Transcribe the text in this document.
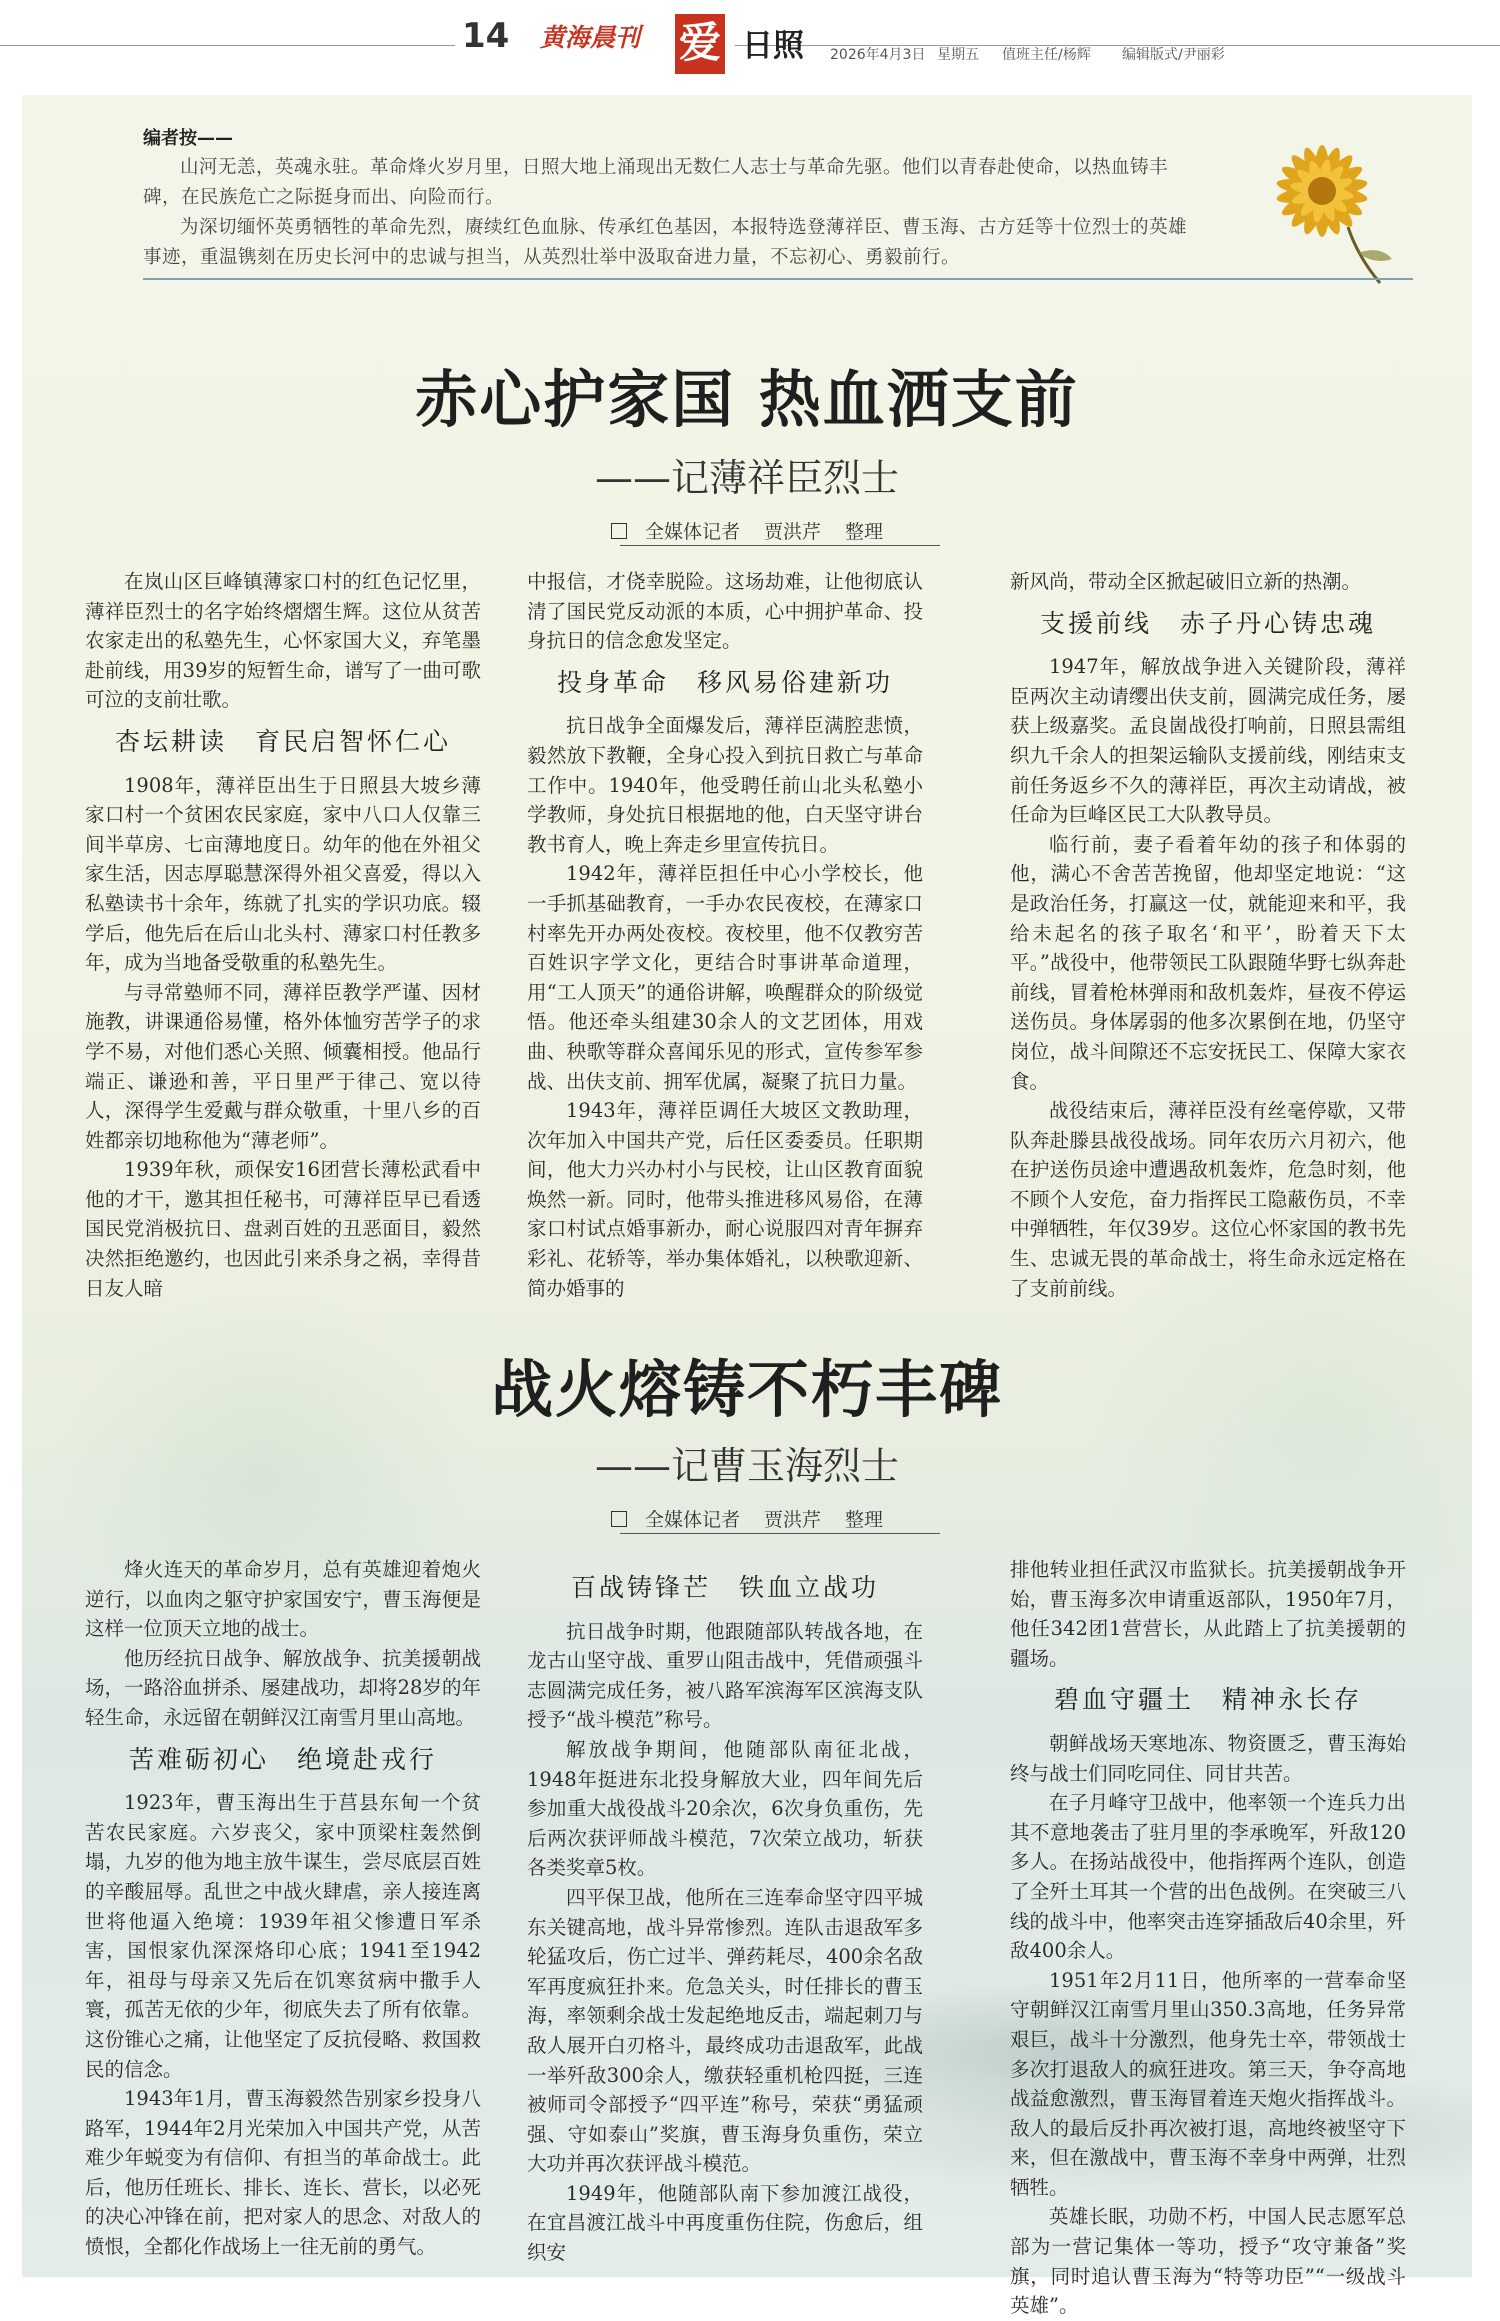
14 黄海晨刊 爱 日照 2026年4月3日 星期五 值班主任/杨辉 编辑版式/尹丽彩
编者按——

山河无恙，英魂永驻。革命烽火岁月里，日照大地上涌现出无数仁人志士与革命先驱。他们以青春赴使命，以热血铸丰碑，在民族危亡之际挺身而出、向险而行。

为深切缅怀英勇牺牲的革命先烈，赓续红色血脉、传承红色基因，本报特选登薄祥臣、曹玉海、古方廷等十位烈士的英雄事迹，重温镌刻在历史长河中的忠诚与担当，从英烈壮举中汲取奋进力量，不忘初心、勇毅前行。

赤心护家国 热血洒支前
——记薄祥臣烈士
全媒体记者 贾洪芹 整理

在岚山区巨峰镇薄家口村的红色记忆里，薄祥臣烈士的名字始终熠熠生辉。这位从贫苦农家走出的私塾先生，心怀家国大义，弃笔墨赴前线，用39岁的短暂生命，谱写了一曲可歌可泣的支前壮歌。

杏坛耕读　育民启智怀仁心

1908年，薄祥臣出生于日照县大坡乡薄家口村一个贫困农民家庭，家中八口人仅靠三间半草房、七亩薄地度日。幼年的他在外祖父家生活，因志厚聪慧深得外祖父喜爱，得以入私塾读书十余年，练就了扎实的学识功底。辍学后，他先后在后山北头村、薄家口村任教多年，成为当地备受敬重的私塾先生。

与寻常塾师不同，薄祥臣教学严谨、因材施教，讲课通俗易懂，格外体恤穷苦学子的求学不易，对他们悉心关照、倾囊相授。他品行端正、谦逊和善，平日里严于律己、宽以待人，深得学生爱戴与群众敬重，十里八乡的百姓都亲切地称他为“薄老师”。

1939年秋，顽保安16团营长薄松武看中他的才干，邀其担任秘书，可薄祥臣早已看透国民党消极抗日、盘剥百姓的丑恶面目，毅然决然拒绝邀约，也因此引来杀身之祸，幸得昔日友人暗

中报信，才侥幸脱险。这场劫难，让他彻底认清了国民党反动派的本质，心中拥护革命、投身抗日的信念愈发坚定。

投身革命　移风易俗建新功

抗日战争全面爆发后，薄祥臣满腔悲愤，毅然放下教鞭，全身心投入到抗日救亡与革命工作中。1940年，他受聘任前山北头私塾小学教师，身处抗日根据地的他，白天坚守讲台教书育人，晚上奔走乡里宣传抗日。

1942年，薄祥臣担任中心小学校长，他一手抓基础教育，一手办农民夜校，在薄家口村率先开办两处夜校。夜校里，他不仅教穷苦百姓识字学文化，更结合时事讲革命道理，用“工人顶天”的通俗讲解，唤醒群众的阶级觉悟。他还牵头组建30余人的文艺团体，用戏曲、秧歌等群众喜闻乐见的形式，宣传参军参战、出伕支前、拥军优属，凝聚了抗日力量。

1943年，薄祥臣调任大坡区文教助理，次年加入中国共产党，后任区委委员。任职期间，他大力兴办村小与民校，让山区教育面貌焕然一新。同时，他带头推进移风易俗，在薄家口村试点婚事新办，耐心说服四对青年摒弃彩礼、花轿等，举办集体婚礼，以秧歌迎新、简办婚事的

新风尚，带动全区掀起破旧立新的热潮。

支援前线　赤子丹心铸忠魂

1947年，解放战争进入关键阶段，薄祥臣两次主动请缨出伕支前，圆满完成任务，屡获上级嘉奖。孟良崮战役打响前，日照县需组织九千余人的担架运输队支援前线，刚结束支前任务返乡不久的薄祥臣，再次主动请战，被任命为巨峰区民工大队教导员。

临行前，妻子看着年幼的孩子和体弱的他，满心不舍苦苦挽留，他却坚定地说：“这是政治任务，打赢这一仗，就能迎来和平，我给未起名的孩子取名‘和平’，盼着天下太平。”战役中，他带领民工队跟随华野七纵奔赴前线，冒着枪林弹雨和敌机轰炸，昼夜不停运送伤员。身体孱弱的他多次累倒在地，仍坚守岗位，战斗间隙还不忘安抚民工、保障大家衣食。

战役结束后，薄祥臣没有丝毫停歇，又带队奔赴滕县战役战场。同年农历六月初六，他在护送伤员途中遭遇敌机轰炸，危急时刻，他不顾个人安危，奋力指挥民工隐蔽伤员，不幸中弹牺牲，年仅39岁。这位心怀家国的教书先生、忠诚无畏的革命战士，将生命永远定格在了支前前线。

战火熔铸不朽丰碑
——记曹玉海烈士
全媒体记者 贾洪芹 整理

烽火连天的革命岁月，总有英雄迎着炮火逆行，以血肉之躯守护家国安宁，曹玉海便是这样一位顶天立地的战士。

他历经抗日战争、解放战争、抗美援朝战场，一路浴血拼杀、屡建战功，却将28岁的年轻生命，永远留在朝鲜汉江南雪月里山高地。

苦难砺初心　绝境赴戎行

1923年，曹玉海出生于莒县东甸一个贫苦农民家庭。六岁丧父，家中顶梁柱轰然倒塌，九岁的他为地主放牛谋生，尝尽底层百姓的辛酸屈辱。乱世之中战火肆虐，亲人接连离世将他逼入绝境：1939年祖父惨遭日军杀害，国恨家仇深深烙印心底；1941至1942年，祖母与母亲又先后在饥寒贫病中撒手人寰，孤苦无依的少年，彻底失去了所有依靠。这份锥心之痛，让他坚定了反抗侵略、救国救民的信念。

1943年1月，曹玉海毅然告别家乡投身八路军，1944年2月光荣加入中国共产党，从苦难少年蜕变为有信仰、有担当的革命战士。此后，他历任班长、排长、连长、营长，以必死的决心冲锋在前，把对家人的思念、对敌人的愤恨，全都化作战场上一往无前的勇气。

百战铸锋芒　铁血立战功

抗日战争时期，他跟随部队转战各地，在龙古山坚守战、重罗山阻击战中，凭借顽强斗志圆满完成任务，被八路军滨海军区滨海支队授予“战斗模范”称号。

解放战争期间，他随部队南征北战，1948年挺进东北投身解放大业，四年间先后参加重大战役战斗20余次，6次身负重伤，先后两次获评师战斗模范，7次荣立战功，斩获各类奖章5枚。

四平保卫战，他所在三连奉命坚守四平城东关键高地，战斗异常惨烈。连队击退敌军多轮猛攻后，伤亡过半、弹药耗尽，400余名敌军再度疯狂扑来。危急关头，时任排长的曹玉海，率领剩余战士发起绝地反击，端起刺刀与敌人展开白刃格斗，最终成功击退敌军，此战一举歼敌300余人，缴获轻重机枪四挺，三连被师司令部授予“四平连”称号，荣获“勇猛顽强、守如泰山”奖旗，曹玉海身负重伤，荣立大功并再次获评战斗模范。

1949年，他随部队南下参加渡江战役，在宜昌渡江战斗中再度重伤住院，伤愈后，组织安

排他转业担任武汉市监狱长。抗美援朝战争开始，曹玉海多次申请重返部队，1950年7月，他任342团1营营长，从此踏上了抗美援朝的疆场。

碧血守疆土　精神永长存

朝鲜战场天寒地冻、物资匮乏，曹玉海始终与战士们同吃同住、同甘共苦。

在子月峰守卫战中，他率领一个连兵力出其不意地袭击了驻月里的李承晚军，歼敌120多人。在扬站战役中，他指挥两个连队，创造了全歼土耳其一个营的出色战例。在突破三八线的战斗中，他率突击连穿插敌后40余里，歼敌400余人。

1951年2月11日，他所率的一营奉命坚守朝鲜汉江南雪月里山350.3高地，任务异常艰巨，战斗十分激烈，他身先士卒，带领战士多次打退敌人的疯狂进攻。第三天，争夺高地战益愈激烈，曹玉海冒着连天炮火指挥战斗。敌人的最后反扑再次被打退，高地终被坚守下来，但在激战中，曹玉海不幸身中两弹，壮烈牺牲。

英雄长眠，功勋不朽，中国人民志愿军总部为一营记集体一等功，授予“攻守兼备”奖旗，同时追认曹玉海为“特等功臣”“一级战斗英雄”。
